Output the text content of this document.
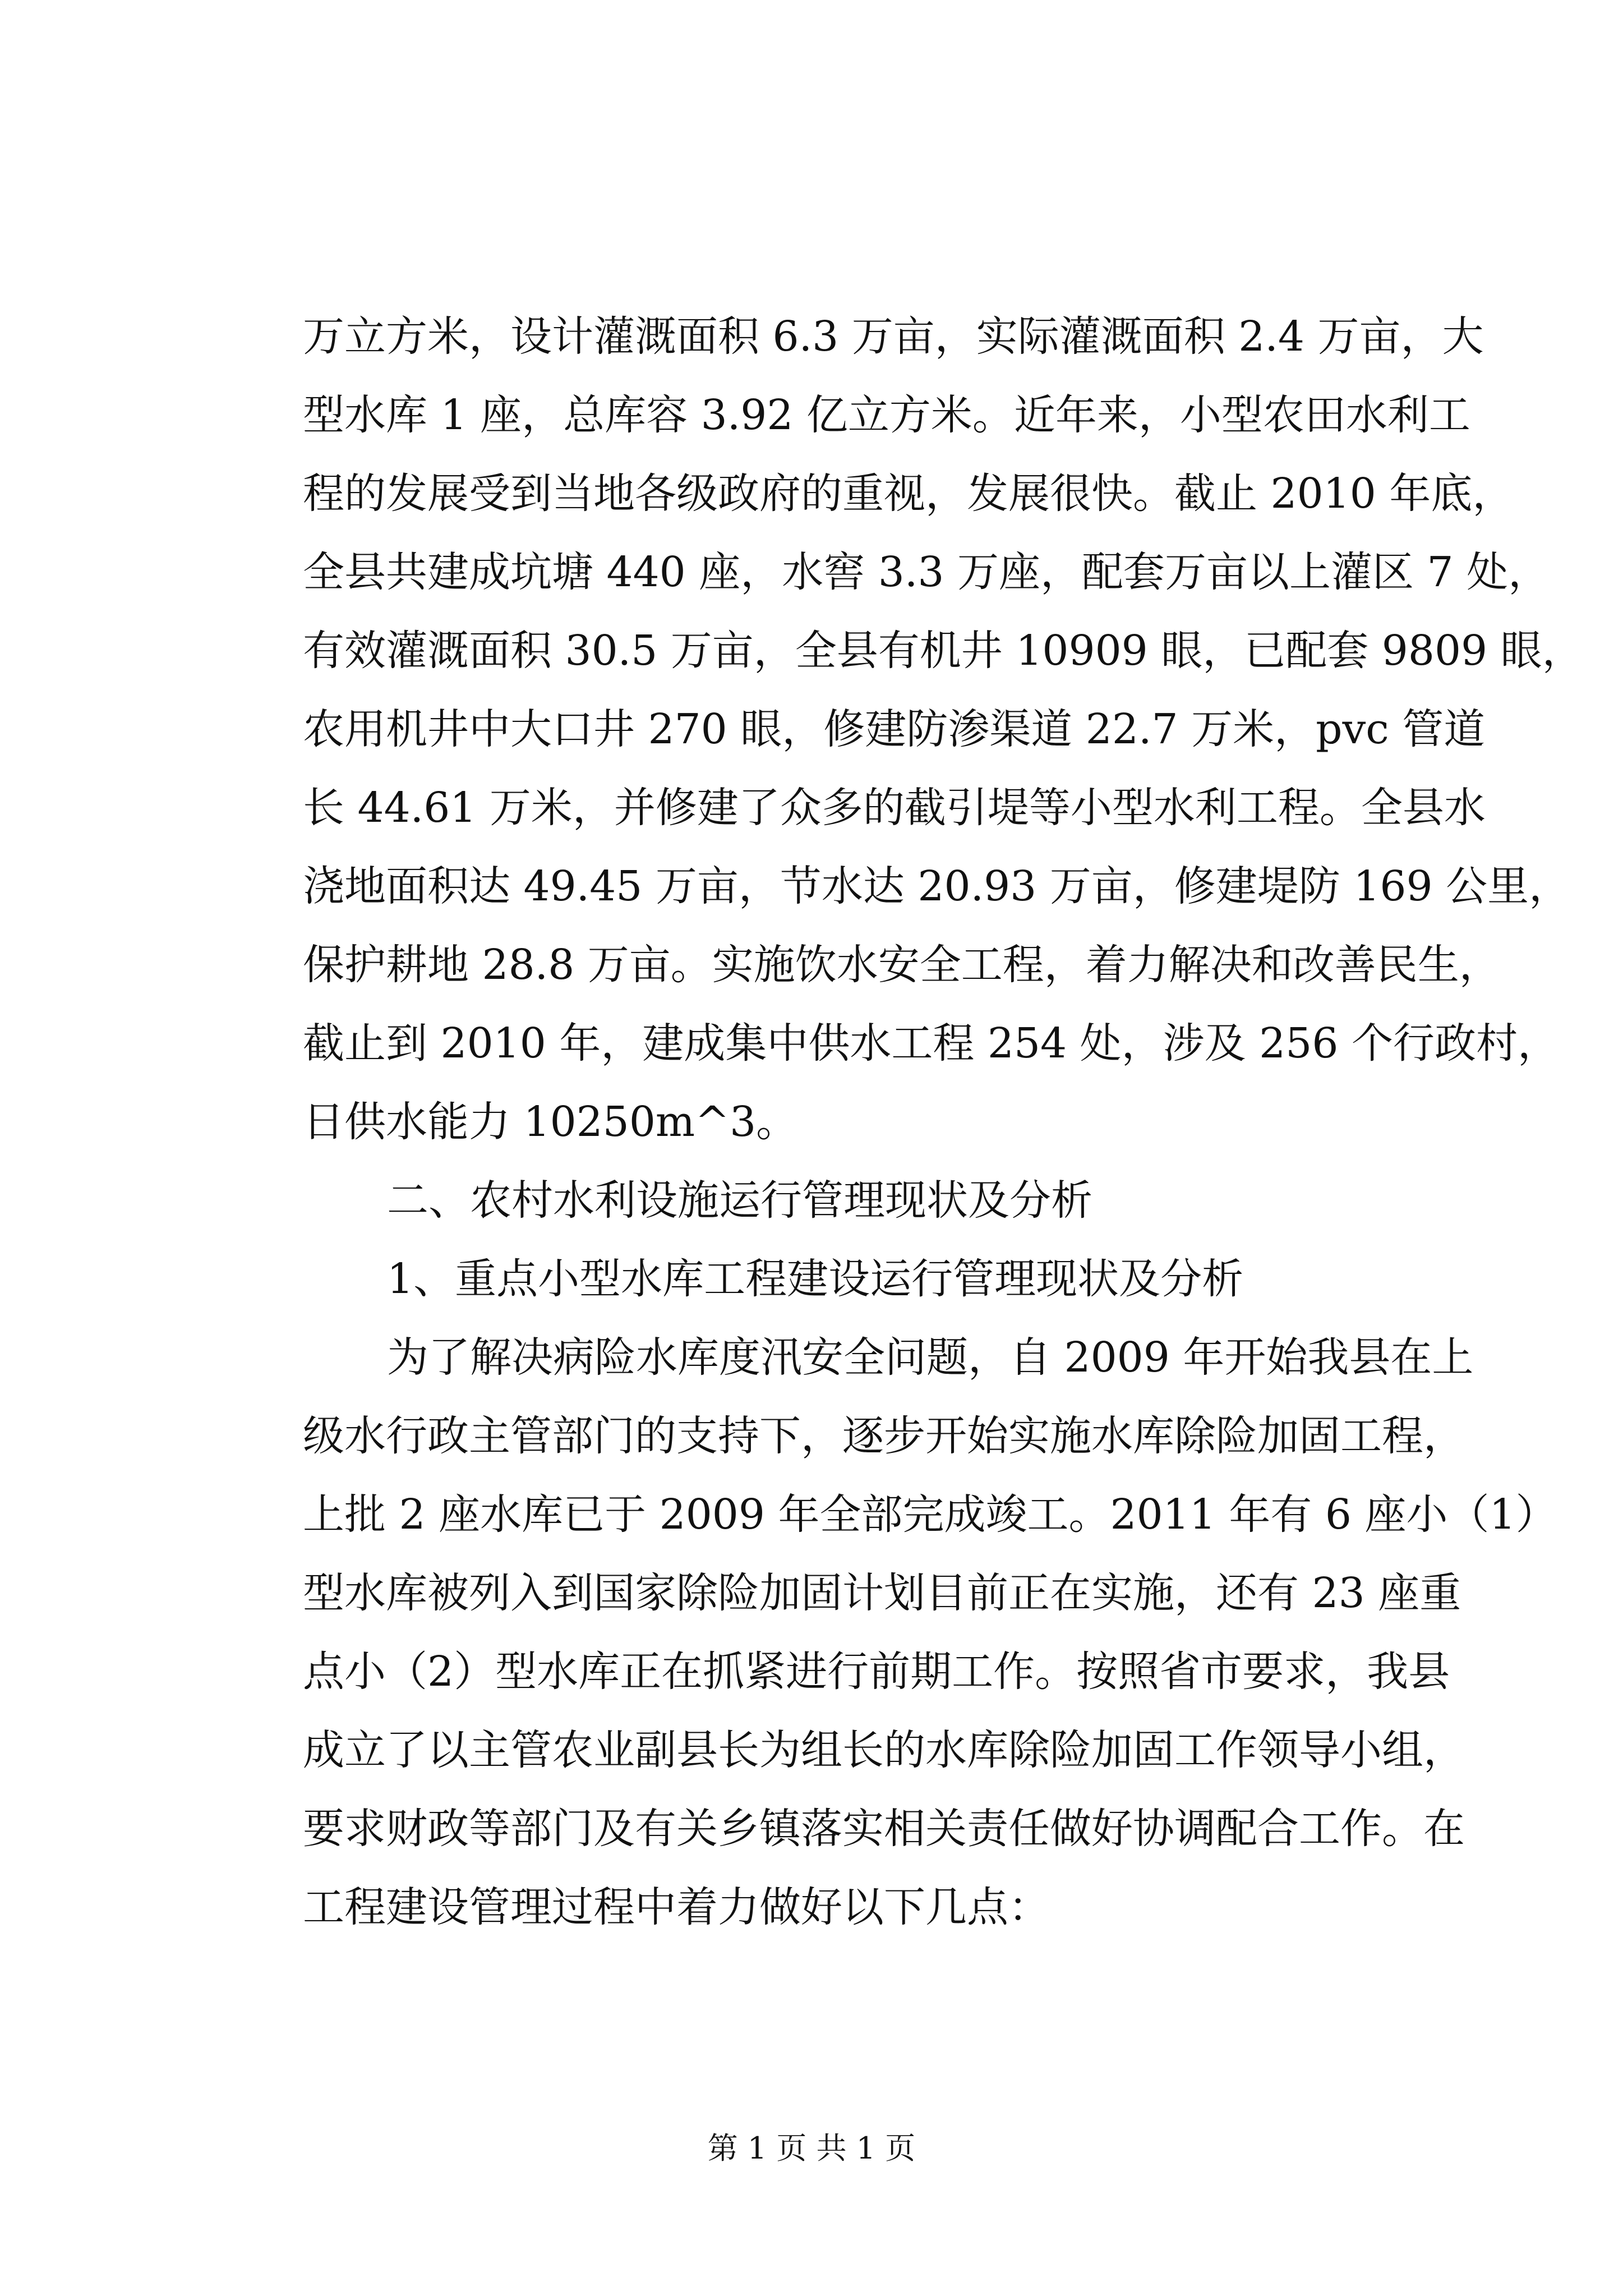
万立方米，设计灌溉面积 6.3 万亩，实际灌溉面积 2.4 万亩，大
型水库 1 座，总库容 3.92 亿立方米。近年来，小型农田水利工
程的发展受到当地各级政府的重视，发展很快。截止 2010 年底，
全县共建成坑塘 440 座，水窖 3.3 万座，配套万亩以上灌区 7 处，
有效灌溉面积 30.5 万亩，全县有机井 10909 眼，已配套 9809 眼，
农用机井中大口井 270 眼，修建防渗渠道 22.7 万米，pvc 管道
长 44.61 万米，并修建了众多的截引堤等小型水利工程。全县水
浇地面积达 49.45 万亩，节水达 20.93 万亩，修建堤防 169 公里，
保护耕地 28.8 万亩。实施饮水安全工程，着力解决和改善民生，
截止到 2010 年，建成集中供水工程 254 处，涉及 256 个行政村，
日供水能力 10250m^3。
二、农村水利设施运行管理现状及分析
1、重点小型水库工程建设运行管理现状及分析
为了解决病险水库度汛安全问题，自 2009 年开始我县在上
级水行政主管部门的支持下，逐步开始实施水库除险加固工程，
上批 2 座水库已于 2009 年全部完成竣工。2011 年有 6 座小（1）
型水库被列入到国家除险加固计划目前正在实施，还有 23 座重
点小（2）型水库正在抓紧进行前期工作。按照省市要求，我县
成立了以主管农业副县长为组长的水库除险加固工作领导小组，
要求财政等部门及有关乡镇落实相关责任做好协调配合工作。在
工程建设管理过程中着力做好以下几点：
第 1 页 共 1 页
